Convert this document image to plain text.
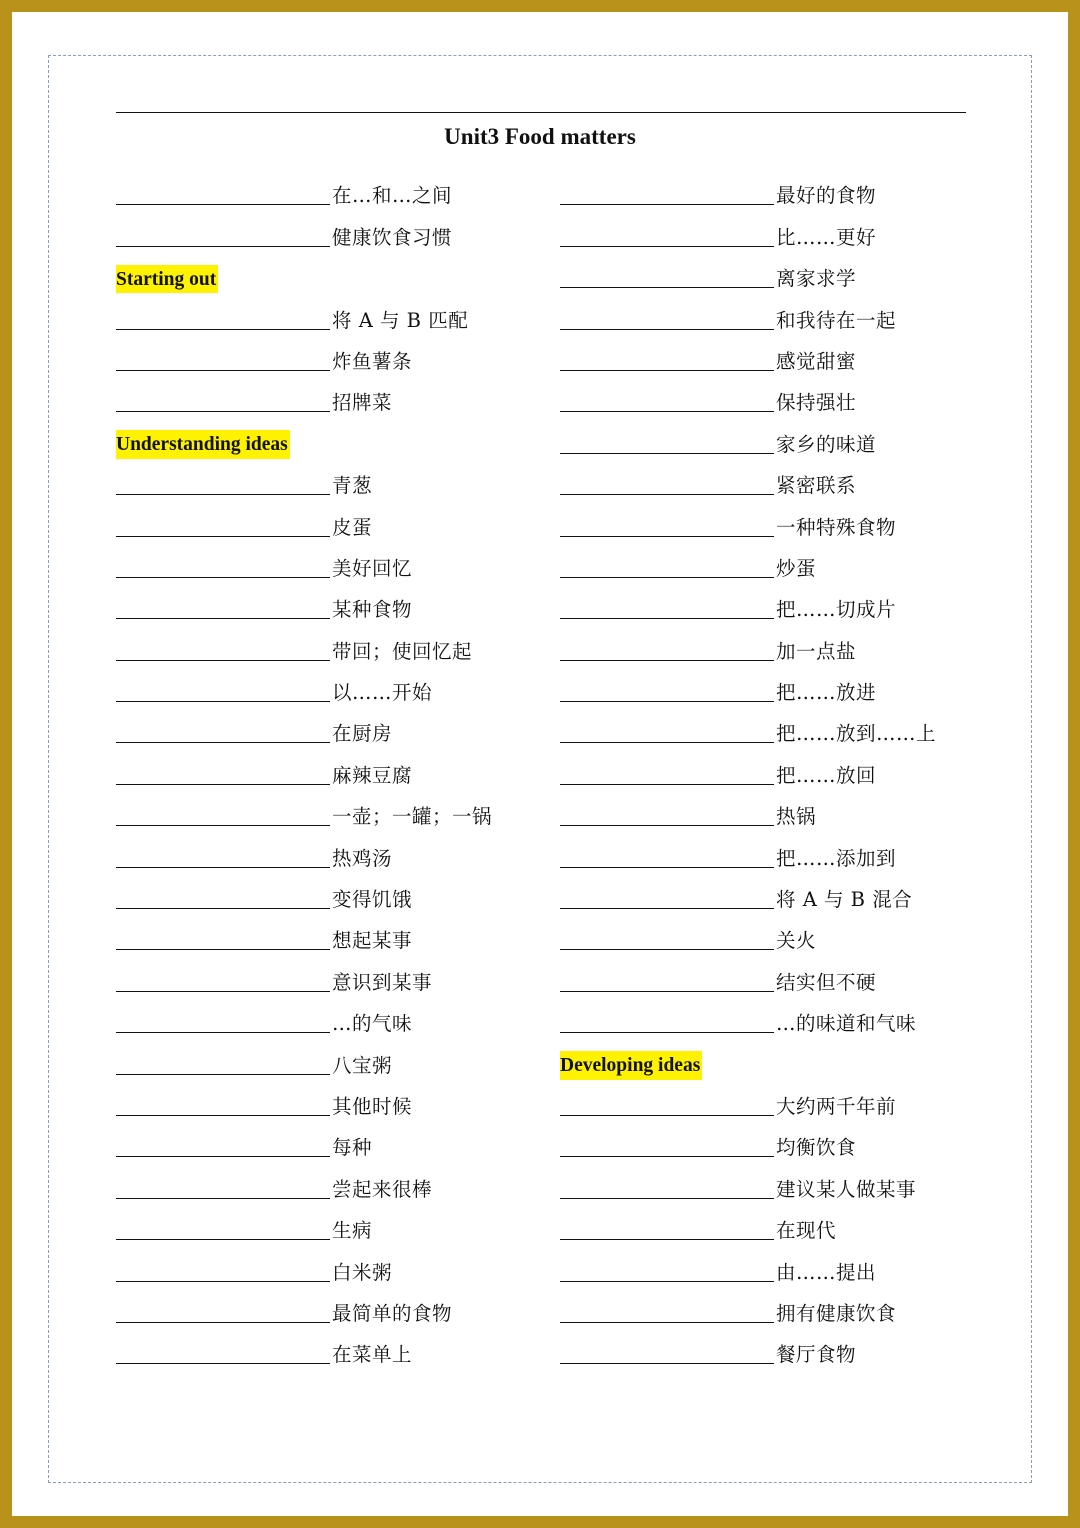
Unit3 Food matters
在…和…之间
健康饮食习惯
Starting out
将 A 与 B 匹配
炸鱼薯条
招牌菜
Understanding ideas
青葱
皮蛋
美好回忆
某种食物
带回；使回忆起
以……开始
在厨房
麻辣豆腐
一壶；一罐；一锅
热鸡汤
变得饥饿
想起某事
意识到某事
…的气味
八宝粥
其他时候
每种
尝起来很棒
生病
白米粥
最简单的食物
在菜单上
最好的食物
比……更好
离家求学
和我待在一起
感觉甜蜜
保持强壮
家乡的味道
紧密联系
一种特殊食物
炒蛋
把……切成片
加一点盐
把……放进
把……放到……上
把……放回
热锅
把……添加到
将 A 与 B 混合
关火
结实但不硬
…的味道和气味
Developing ideas
大约两千年前
均衡饮食
建议某人做某事
在现代
由……提出
拥有健康饮食
餐厅食物
